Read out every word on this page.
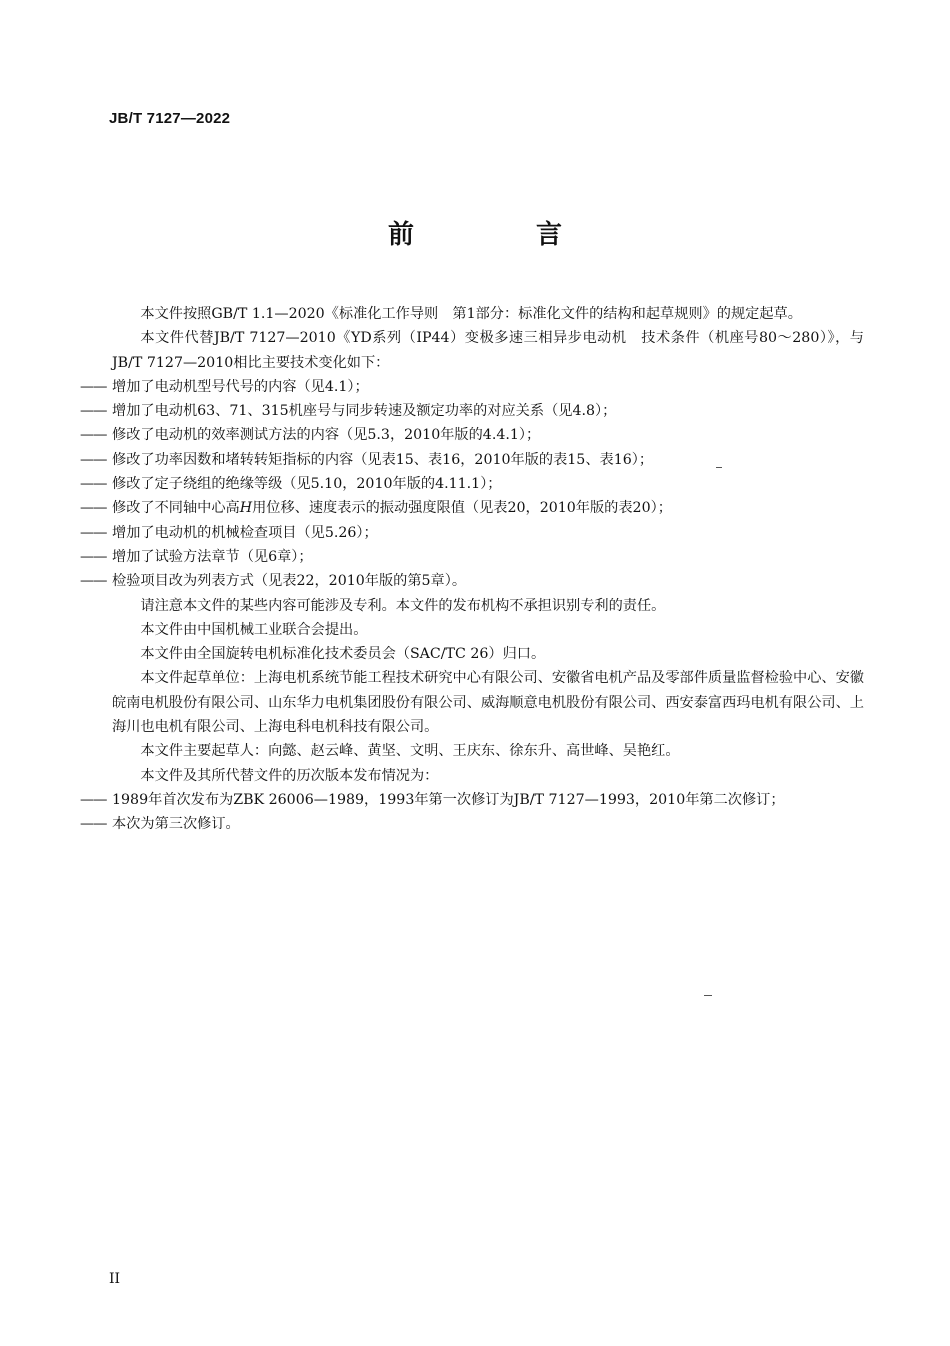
JB/T 7127—2022
前　言

本文件按照GB/T 1.1—2020《标准化工作导则　第1部分：标准化文件的结构和起草规则》的规定起草。

本文件代替JB/T 7127—2010《YD系列（IP44）变极多速三相异步电动机　技术条件（机座号80～280）》，与JB/T 7127—2010相比主要技术变化如下：

—— 增加了电动机型号代号的内容（见4.1）；

—— 增加了电动机63、71、315机座号与同步转速及额定功率的对应关系（见4.8）；

—— 修改了电动机的效率测试方法的内容（见5.3，2010年版的4.4.1）；

—— 修改了功率因数和堵转转矩指标的内容（见表15、表16，2010年版的表15、表16）；

—— 修改了定子绕组的绝缘等级（见5.10，2010年版的4.11.1）；

—— 修改了不同轴中心高H用位移、速度表示的振动强度限值（见表20，2010年版的表20）；

—— 增加了电动机的机械检查项目（见5.26）；

—— 增加了试验方法章节（见6章）；

—— 检验项目改为列表方式（见表22，2010年版的第5章）。

请注意本文件的某些内容可能涉及专利。本文件的发布机构不承担识别专利的责任。

本文件由中国机械工业联合会提出。

本文件由全国旋转电机标准化技术委员会（SAC/TC 26）归口。

本文件起草单位：上海电机系统节能工程技术研究中心有限公司、安徽省电机产品及零部件质量监督检验中心、安徽皖南电机股份有限公司、山东华力电机集团股份有限公司、威海顺意电机股份有限公司、西安泰富西玛电机有限公司、上海川也电机有限公司、上海电科电机科技有限公司。

本文件主要起草人：向懿、赵云峰、黄坚、文明、王庆东、徐东升、高世峰、吴艳红。

本文件及其所代替文件的历次版本发布情况为：

—— 1989年首次发布为ZBK 26006—1989，1993年第一次修订为JB/T 7127—1993，2010年第二次修订；

—— 本次为第三次修订。

II
